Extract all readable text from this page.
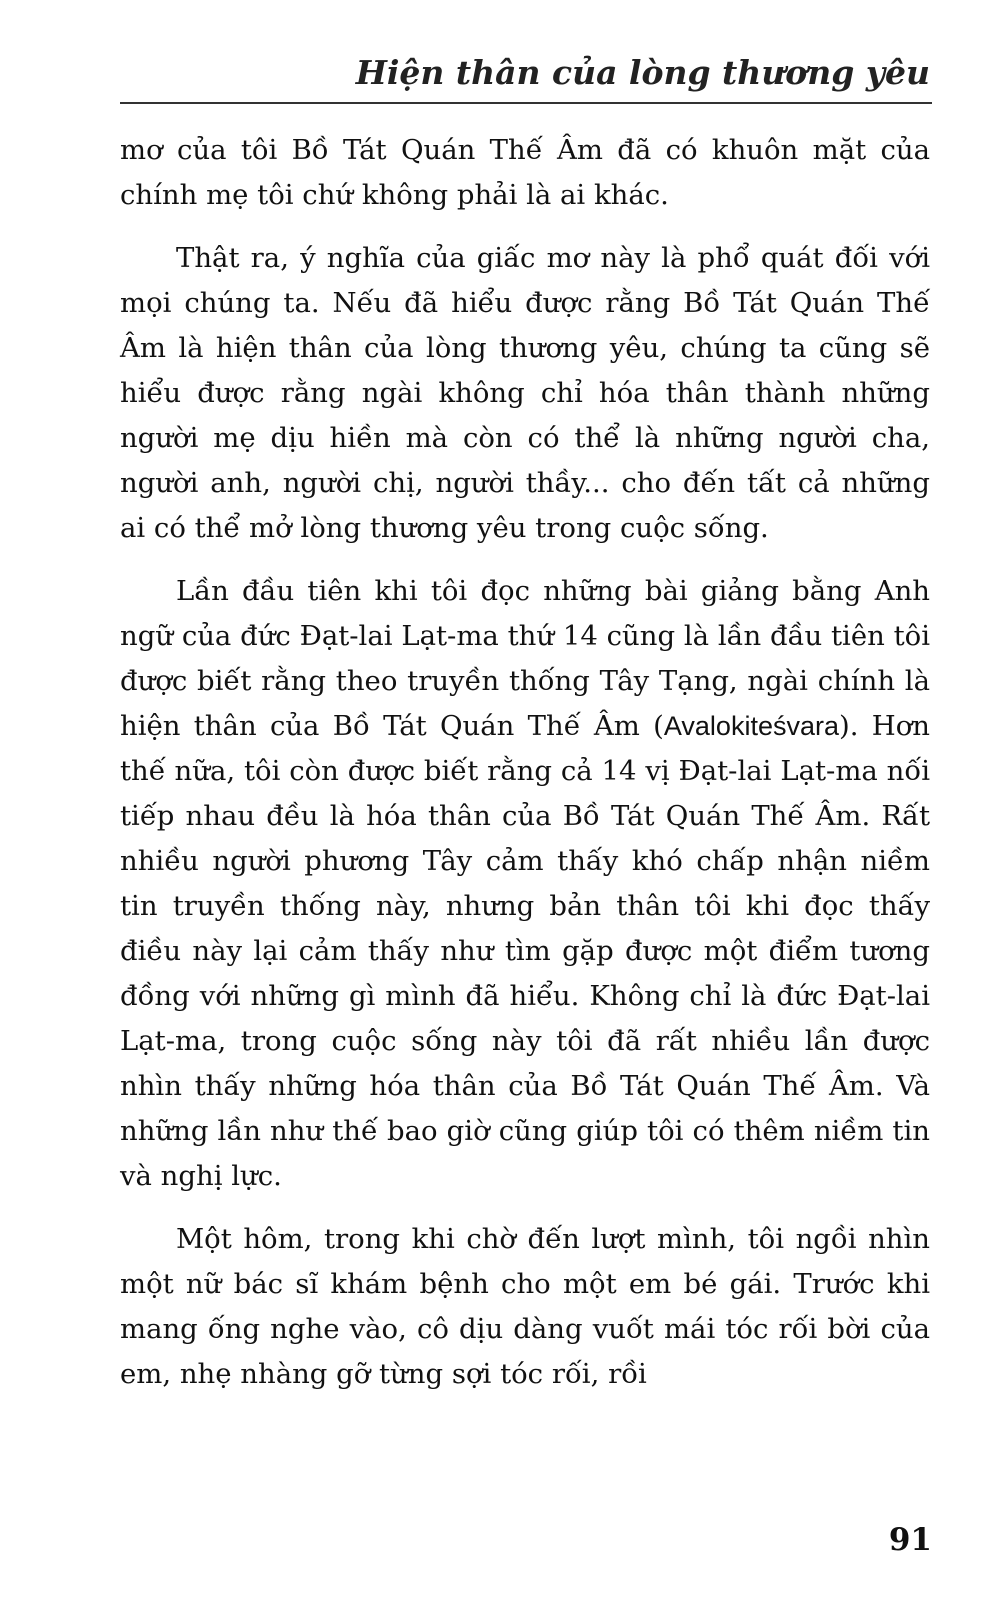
Hiện thân của lòng thương yêu

mơ của tôi Bồ Tát Quán Thế Âm đã có khuôn mặt của chính mẹ tôi chứ không phải là ai khác.

Thật ra, ý nghĩa của giấc mơ này là phổ quát đối với mọi chúng ta. Nếu đã hiểu được rằng Bồ Tát Quán Thế Âm là hiện thân của lòng thương yêu, chúng ta cũng sẽ hiểu được rằng ngài không chỉ hóa thân thành những người mẹ dịu hiền mà còn có thể là những người cha, người anh, người chị, người thầy... cho đến tất cả những ai có thể mở lòng thương yêu trong cuộc sống.

Lần đầu tiên khi tôi đọc những bài giảng bằng Anh ngữ của đức Đạt-lai Lạt-ma thứ 14 cũng là lần đầu tiên tôi được biết rằng theo truyền thống Tây Tạng, ngài chính là hiện thân của Bồ Tát Quán Thế Âm (Avalokiteśvara). Hơn thế nữa, tôi còn được biết rằng cả 14 vị Đạt-lai Lạt-ma nối tiếp nhau đều là hóa thân của Bồ Tát Quán Thế Âm. Rất nhiều người phương Tây cảm thấy khó chấp nhận niềm tin truyền thống này, nhưng bản thân tôi khi đọc thấy điều này lại cảm thấy như tìm gặp được một điểm tương đồng với những gì mình đã hiểu. Không chỉ là đức Đạt-lai Lạt-ma, trong cuộc sống này tôi đã rất nhiều lần được nhìn thấy những hóa thân của Bồ Tát Quán Thế Âm. Và những lần như thế bao giờ cũng giúp tôi có thêm niềm tin và nghị lực.

Một hôm, trong khi chờ đến lượt mình, tôi ngồi nhìn một nữ bác sĩ khám bệnh cho một em bé gái. Trước khi mang ống nghe vào, cô dịu dàng vuốt mái tóc rối bời của em, nhẹ nhàng gỡ từng sợi tóc rối, rồi

91
